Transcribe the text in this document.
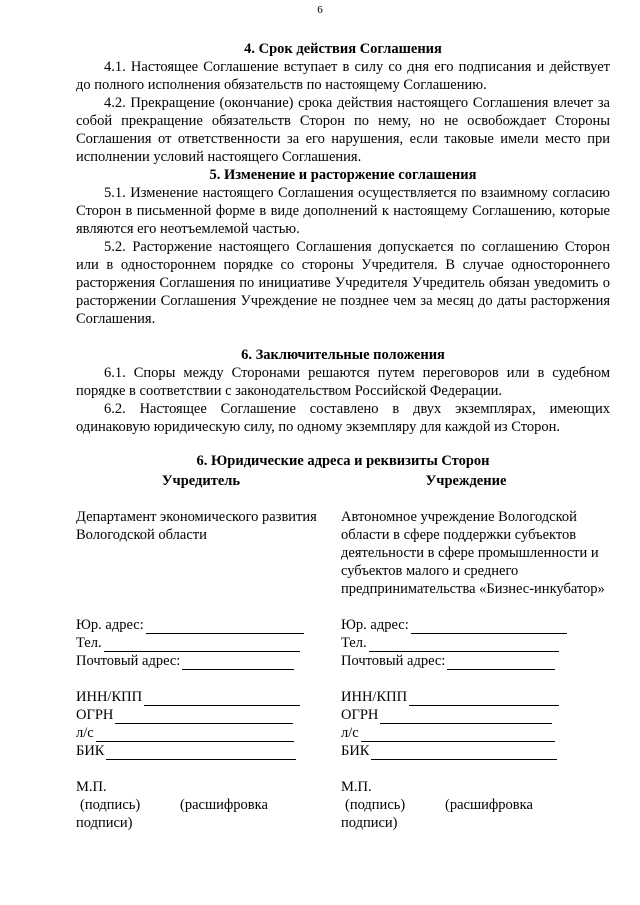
6
4. Срок действия Соглашения

4.1. Настоящее Соглашение вступает в силу со дня его подписания и действует до полного исполнения обязательств по настоящему Соглашению.

4.2. Прекращение (окончание) срока действия настоящего Соглашения влечет за собой прекращение обязательств Сторон по нему, но не освобождает Стороны Соглашения от ответственности за его нарушения, если таковые имели место при исполнении условий настоящего Соглашения.

5. Изменение и расторжение соглашения

5.1. Изменение настоящего Соглашения осуществляется по взаимному согласию Сторон в письменной форме в виде дополнений к настоящему Соглашению, которые являются его неотъемлемой частью.

5.2. Расторжение настоящего Соглашения допускается по соглашению Сторон или в одностороннем порядке со стороны Учредителя. В случае одностороннего расторжения Соглашения по инициативе Учредителя Учредитель обязан уведомить о расторжении Соглашения Учреждение не позднее чем за месяц до даты расторжения Соглашения.

6. Заключительные положения

6.1. Споры между Сторонами решаются путем переговоров или в судебном порядке в соответствии с законодательством Российской Федерации.

6.2. Настоящее Соглашение составлено в двух экземплярах, имеющих одинаковую юридическую силу, по одному экземпляру для каждой из Сторон.

6. Юридические адреса и реквизиты Сторон
Учредитель
Департамент экономического развития Вологодской области
Юр. адрес:
Тел.
Почтовый адрес:
ИНН/КПП
ОГРН
л/с
БИК
М.П.
(подпись)	(расшифровка
подписи)
Учреждение
Автономное учреждение Вологодской области в сфере поддержки субъектов деятельности в сфере промышленности и субъектов малого и среднего предпринимательства «Бизнес-инкубатор»
Юр. адрес:
Тел.
Почтовый адрес:
ИНН/КПП
ОГРН
л/с
БИК
М.П.
(подпись)	(расшифровка
подписи)
